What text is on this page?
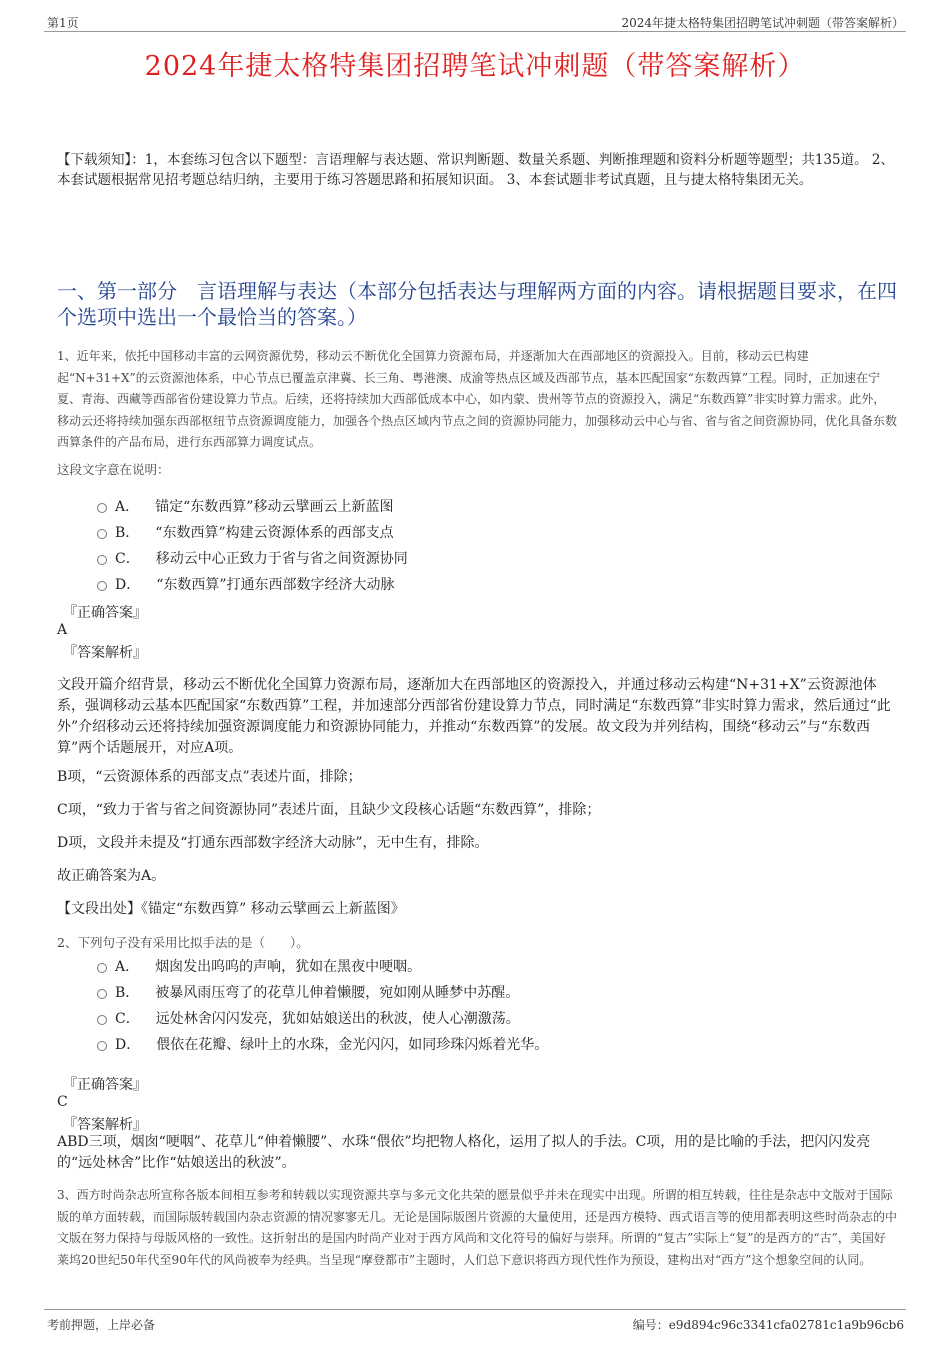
第1页	2024年捷太格特集团招聘笔试冲刺题（带答案解析）
2024年捷太格特集团招聘笔试冲刺题（带答案解析）
【下载须知】：1，本套练习包含以下题型：言语理解与表达题、常识判断题、数量关系题、判断推理题和资料分析题等题型；共135道。 2、本套试题根据常见招考题总结归纳，主要用于练习答题思路和拓展知识面。 3、本套试题非考试真题，且与捷太格特集团无关。
一、第一部分　言语理解与表达（本部分包括表达与理解两方面的内容。请根据题目要求，在四个选项中选出一个最恰当的答案。）
1、近年来，依托中国移动丰富的云网资源优势，移动云不断优化全国算力资源布局，并逐渐加大在西部地区的资源投入。目前，移动云已构建起“N+31+X”的云资源池体系，中心节点已覆盖京津冀、长三角、粤港澳、成渝等热点区域及西部节点，基本匹配国家“东数西算”工程。同时，正加速在宁夏、青海、西藏等西部省份建设算力节点。后续，还将持续加大西部低成本中心，如内蒙、贵州等节点的资源投入，满足“东数西算”非实时算力需求。此外，移动云还将持续加强东西部枢纽节点资源调度能力，加强各个热点区域内节点之间的资源协同能力，加强移动云中心与省、省与省之间资源协同，优化具备东数西算条件的产品布局，进行东西部算力调度试点。
这段文字意在说明：
A． 锚定“东数西算”移动云擘画云上新蓝图
B． “东数西算”构建云资源体系的西部支点
C． 移动云中心正致力于省与省之间资源协同
D． “东数西算”打通东西部数字经济大动脉
『正确答案』
A
『答案解析』
文段开篇介绍背景，移动云不断优化全国算力资源布局，逐渐加大在西部地区的资源投入，并通过移动云构建“N+31+X”云资源池体系，强调移动云基本匹配国家“东数西算”工程，并加速部分西部省份建设算力节点，同时满足“东数西算”非实时算力需求，然后通过“此外”介绍移动云还将持续加强资源调度能力和资源协同能力，并推动“东数西算”的发展。故文段为并列结构，围绕“移动云”与“东数西算”两个话题展开，对应A项。
B项，“云资源体系的西部支点”表述片面，排除；
C项，“致力于省与省之间资源协同”表述片面，且缺少文段核心话题“东数西算”，排除；
D项，文段并未提及“打通东西部数字经济大动脉”，无中生有，排除。
故正确答案为A。
【文段出处】《锚定“东数西算” 移动云擘画云上新蓝图》
2、下列句子没有采用比拟手法的是（　　）。
A． 烟囱发出呜呜的声响，犹如在黑夜中哽咽。
B． 被暴风雨压弯了的花草儿伸着懒腰，宛如刚从睡梦中苏醒。
C． 远处林舍闪闪发亮，犹如姑娘送出的秋波，使人心潮激荡。
D． 偎依在花瓣、绿叶上的水珠，金光闪闪，如同珍珠闪烁着光华。
『正确答案』
C
『答案解析』
ABD三项，烟囱“哽咽”、花草儿“伸着懒腰”、水珠“偎依”均把物人格化，运用了拟人的手法。C项，用的是比喻的手法，把闪闪发亮的“远处林舍”比作“姑娘送出的秋波”。
3、西方时尚杂志所宣称各版本间相互参考和转载以实现资源共享与多元文化共荣的愿景似乎并未在现实中出现。所谓的相互转载，往往是杂志中文版对于国际版的单方面转载，而国际版转载国内杂志资源的情况寥寥无几。无论是国际版图片资源的大量使用，还是西方模特、西式语言等的使用都表明这些时尚杂志的中文版在努力保持与母版风格的一致性。这折射出的是国内时尚产业对于西方风尚和文化符号的偏好与崇拜。所谓的“复古”实际上“复”的是西方的“古”，美国好莱坞20世纪50年代至90年代的风尚被奉为经典。当呈现“摩登都市”主题时，人们总下意识将西方现代性作为预设，建构出对“西方”这个想象空间的认同。
考前押题，上岸必备	编号：e9d894c96c3341cfa02781c1a9b96cb6
